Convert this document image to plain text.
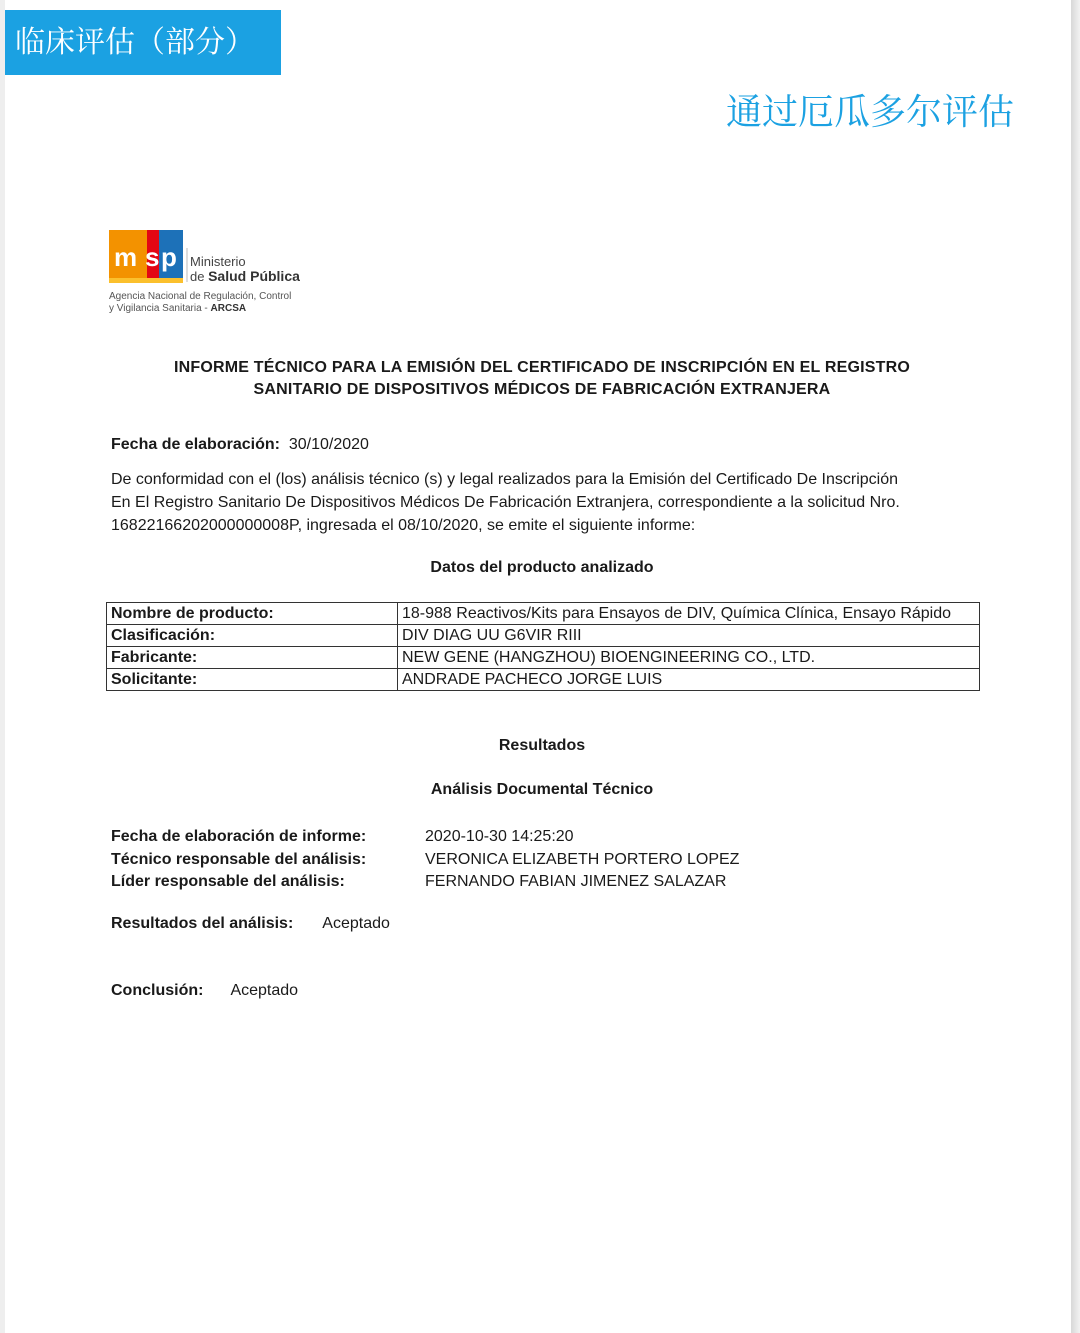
临床评估（部分）
通过厄瓜多尔评估
m s p Ministerio
de Salud Pública
Agencia Nacional de Regulación, Control
y Vigilancia Sanitaria - ARCSA
INFORME TÉCNICO PARA LA EMISIÓN DEL CERTIFICADO DE INSCRIPCIÓN EN EL REGISTRO
SANITARIO DE DISPOSITIVOS MÉDICOS DE FABRICACIÓN EXTRANJERA
Fecha de elaboración: 30/10/2020
De conformidad con el (los) análisis técnico (s) y legal realizados para la Emisión del Certificado De Inscripción
En El Registro Sanitario De Dispositivos Médicos De Fabricación Extranjera, correspondiente a la solicitud Nro.
16822166202000000008P, ingresada el 08/10/2020, se emite el siguiente informe:
Datos del producto analizado
Nombre de producto:	18-988 Reactivos/Kits para Ensayos de DIV, Química Clínica, Ensayo Rápido
Clasificación:	DIV DIAG UU G6VIR RIII
Fabricante:	NEW GENE (HANGZHOU) BIOENGINEERING CO., LTD.
Solicitante:	ANDRADE PACHECO JORGE LUIS
Resultados
Análisis Documental Técnico
Fecha de elaboración de informe:	2020-10-30 14:25:20
Técnico responsable del análisis:	VERONICA ELIZABETH PORTERO LOPEZ
Líder responsable del análisis:	FERNANDO FABIAN JIMENEZ SALAZAR
Resultados del análisis: Aceptado
Conclusión: Aceptado
